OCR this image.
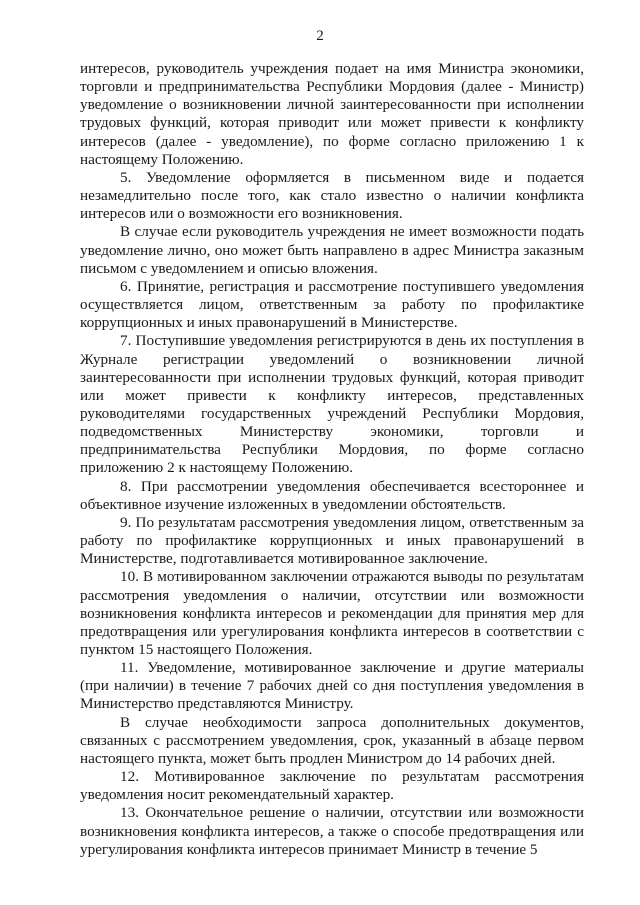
2

интересов, руководитель учреждения подает на имя Министра экономики, торговли и предпринимательства Республики Мордовия (далее - Министр) уведомление о возникновении личной заинтересованности при исполнении трудовых функций, которая приводит или может привести к конфликту интересов (далее - уведомление), по форме согласно приложению 1 к настоящему Положению.

5. Уведомление оформляется в письменном виде и подается незамедлительно после того, как стало известно о наличии конфликта интересов или о возможности его возникновения.

В случае если руководитель учреждения не имеет возможности подать уведомление лично, оно может быть направлено в адрес Министра заказным письмом с уведомлением и описью вложения.

6. Принятие, регистрация и рассмотрение поступившего уведомления осуществляется лицом, ответственным за работу по профилактике коррупционных и иных правонарушений в Министерстве.

7. Поступившие уведомления регистрируются в день их поступления в Журнале регистрации уведомлений о возникновении личной заинтересованности при исполнении трудовых функций, которая приводит или может привести к конфликту интересов, представленных руководителями государственных учреждений Республики Мордовия, подведомственных Министерству экономики, торговли и предпринимательства Республики Мордовия, по форме согласно приложению 2 к настоящему Положению.

8. При рассмотрении уведомления обеспечивается всестороннее и объективное изучение изложенных в уведомлении обстоятельств.

9. По результатам рассмотрения уведомления лицом, ответственным за работу по профилактике коррупционных и иных правонарушений в Министерстве, подготавливается мотивированное заключение.

10. В мотивированном заключении отражаются выводы по результатам рассмотрения уведомления о наличии, отсутствии или возможности возникновения конфликта интересов и рекомендации для принятия мер для предотвращения или урегулирования конфликта интересов в соответствии с пунктом 15 настоящего Положения.

11. Уведомление, мотивированное заключение и другие материалы (при наличии) в течение 7 рабочих дней со дня поступления уведомления в Министерство представляются Министру.

В случае необходимости запроса дополнительных документов, связанных с рассмотрением уведомления, срок, указанный в абзаце первом настоящего пункта, может быть продлен Министром до 14 рабочих дней.

12. Мотивированное заключение по результатам рассмотрения уведомления носит рекомендательный характер.

13. Окончательное решение о наличии, отсутствии или возможности возникновения конфликта интересов, а также о способе предотвращения или урегулирования конфликта интересов принимает Министр в течение 5
